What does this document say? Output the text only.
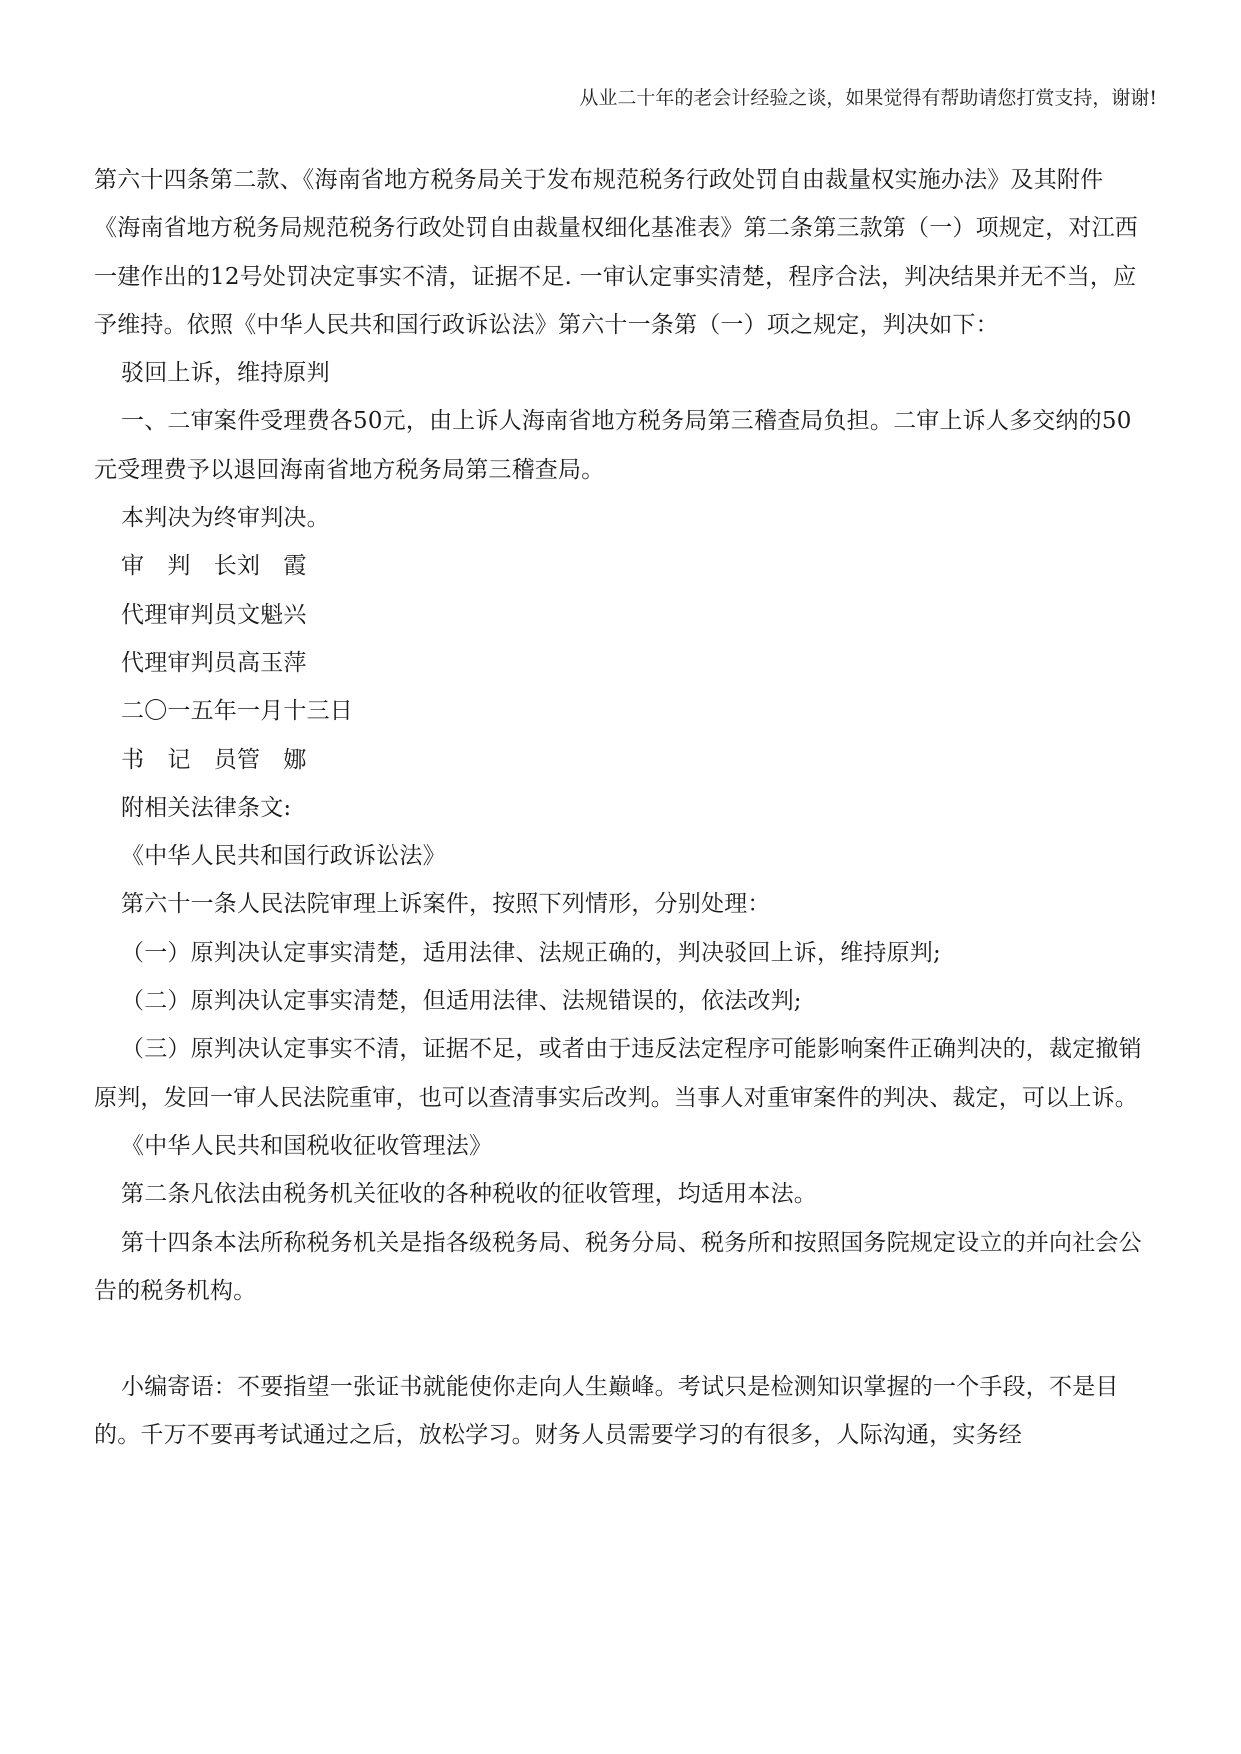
从业二十年的老会计经验之谈，如果觉得有帮助请您打赏支持，谢谢!

第六十四条第二款、《海南省地方税务局关于发布规范税务行政处罚自由裁量权实施办法》及其附件《海南省地方税务局规范税务行政处罚自由裁量权细化基准表》第二条第三款第（一）项规定，对江西一建作出的12号处罚决定事实不清，证据不足. 一审认定事实清楚，程序合法，判决结果并无不当，应予维持。依照《中华人民共和国行政诉讼法》第六十一条第（一）项之规定，判决如下：

驳回上诉，维持原判

一、二审案件受理费各50元，由上诉人海南省地方税务局第三稽查局负担。二审上诉人多交纳的50元受理费予以退回海南省地方税务局第三稽查局。

本判决为终审判决。

审　判　长刘　霞

代理审判员文魁兴

代理审判员高玉萍

二〇一五年一月十三日

书　记　员管　娜

附相关法律条文:

《中华人民共和国行政诉讼法》

第六十一条人民法院审理上诉案件，按照下列情形，分别处理：

（一）原判决认定事实清楚，适用法律、法规正确的，判决驳回上诉，维持原判;

（二）原判决认定事实清楚，但适用法律、法规错误的，依法改判;

（三）原判决认定事实不清，证据不足，或者由于违反法定程序可能影响案件正确判决的，裁定撤销原判，发回一审人民法院重审，也可以查清事实后改判。当事人对重审案件的判决、裁定，可以上诉。

《中华人民共和国税收征收管理法》

第二条凡依法由税务机关征收的各种税收的征收管理，均适用本法。

第十四条本法所称税务机关是指各级税务局、税务分局、税务所和按照国务院规定设立的并向社会公告的税务机构。

小编寄语：不要指望一张证书就能使你走向人生巅峰。考试只是检测知识掌握的一个手段，不是目的。千万不要再考试通过之后，放松学习。财务人员需要学习的有很多，人际沟通，实务经
